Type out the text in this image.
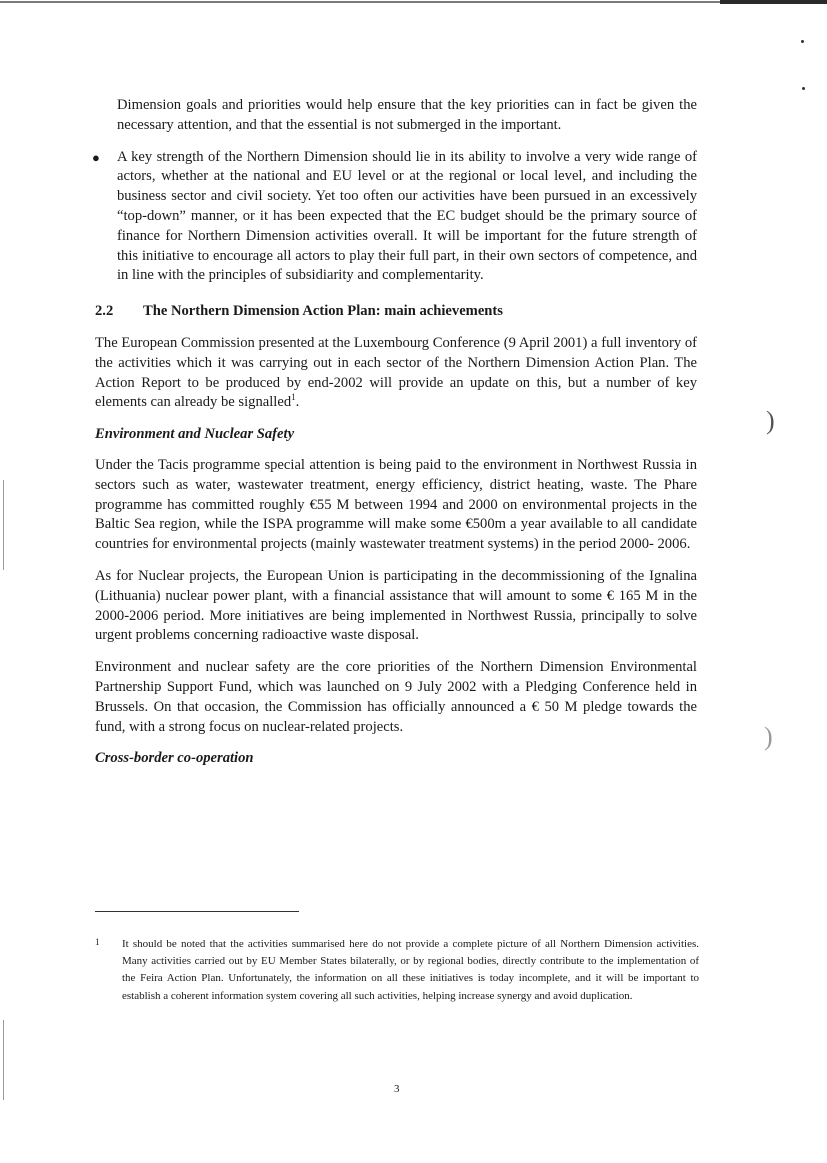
)
)

Dimension goals and priorities would help ensure that the key priorities can in fact be given the necessary attention, and that the essential is not submerged in the important.

● A key strength of the Northern Dimension should lie in its ability to involve a very wide range of actors, whether at the national and EU level or at the regional or local level, and including the business sector and civil society. Yet too often our activities have been pursued in an excessively “top-down” manner, or it has been expected that the EC budget should be the primary source of finance for Northern Dimension activities overall. It will be important for the future strength of this initiative to encourage all actors to play their full part, in their own sectors of competence, and in line with the principles of subsidiarity and complementarity.
2.2 The Northern Dimension Action Plan: main achievements

The European Commission presented at the Luxembourg Conference (9 April 2001) a full inventory of the activities which it was carrying out in each sector of the Northern Dimension Action Plan. The Action Report to be produced by end-2002 will provide an update on this, but a number of key elements can already be signalled$^1$.

Environment and Nuclear Safety

Under the Tacis programme special attention is being paid to the environment in Northwest Russia in sectors such as water, wastewater treatment, energy efficiency, district heating, waste. The Phare programme has committed roughly €55 M between 1994 and 2000 on environmental projects in the Baltic Sea region, while the ISPA programme will make some €500m a year available to all candidate countries for environmental projects (mainly wastewater treatment systems) in the period 2000- 2006.

As for Nuclear projects, the European Union is participating in the decommissioning of the Ignalina (Lithuania) nuclear power plant, with a financial assistance that will amount to some € 165 M in the 2000-2006 period. More initiatives are being implemented in Northwest Russia, principally to solve urgent problems concerning radioactive waste disposal.

Environment and nuclear safety are the core priorities of the Northern Dimension Environmental Partnership Support Fund, which was launched on 9 July 2002 with a Pledging Conference held in Brussels. On that occasion, the Commission has officially announced a € 50 M pledge towards the fund, with a strong focus on nuclear-related projects.

Cross-border co-operation
1 It should be noted that the activities summarised here do not provide a complete picture of all Northern Dimension activities. Many activities carried out by EU Member States bilaterally, or by regional bodies, directly contribute to the implementation of the Feira Action Plan. Unfortunately, the information on all these initiatives is today incomplete, and it will be important to establish a coherent information system covering all such activities, helping increase synergy and avoid duplication.
3
